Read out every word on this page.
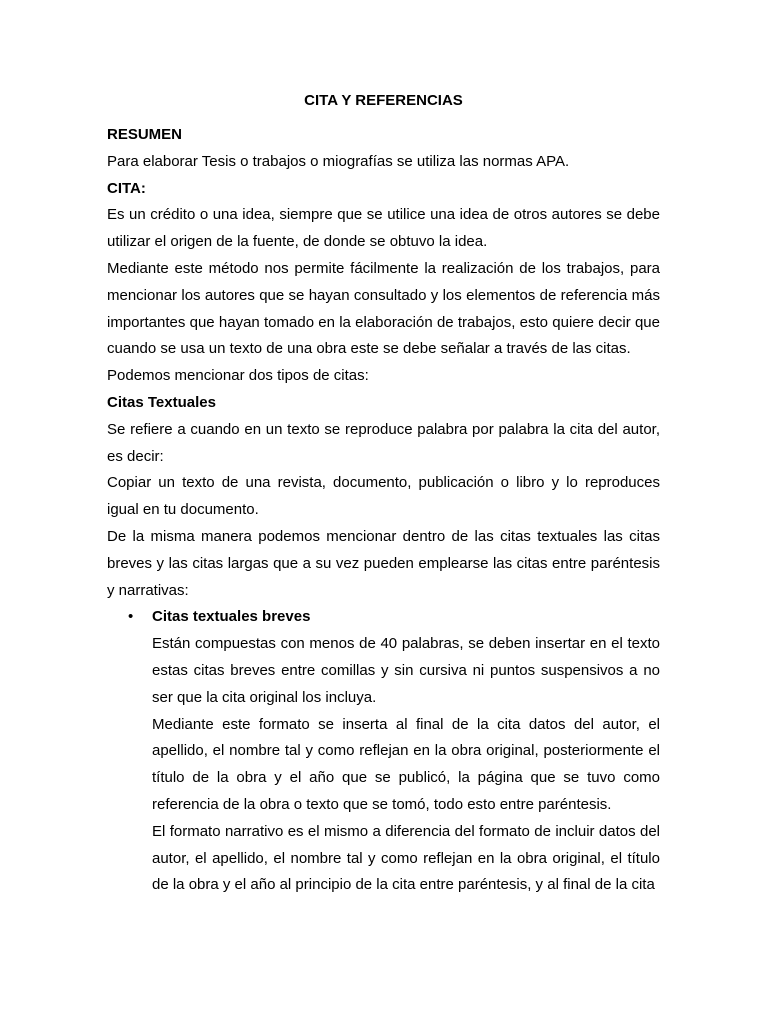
CITA Y REFERENCIAS

RESUMEN

Para elaborar Tesis o trabajos o miografías se utiliza las normas APA.

CITA:

Es un crédito o una idea, siempre que se utilice una idea de otros autores se debe utilizar el origen de la fuente, de donde se obtuvo la idea.

Mediante este método nos permite fácilmente la realización de los trabajos, para mencionar los autores que se hayan consultado y los elementos de referencia más importantes que hayan tomado en la elaboración de trabajos, esto quiere decir que cuando se usa un texto de una obra este se debe señalar a través de las citas.

Podemos mencionar dos tipos de citas:

Citas Textuales

Se refiere a cuando en un texto se reproduce palabra por palabra la cita del autor, es decir:

Copiar un texto de una revista, documento, publicación o libro y lo reproduces igual en tu documento.

De la misma manera podemos mencionar dentro de las citas textuales las citas breves y las citas largas que a su vez pueden emplearse las citas entre paréntesis y narrativas:

• Citas textuales breves

Están compuestas con menos de 40 palabras, se deben insertar en el texto estas citas breves entre comillas y sin cursiva ni puntos suspensivos a no ser que la cita original los incluya.

Mediante este formato se inserta al final de la cita datos del autor, el apellido, el nombre tal y como reflejan en la obra original, posteriormente el título de la obra y el año que se publicó, la página que se tuvo como referencia de la obra o texto que se tomó, todo esto entre paréntesis.

El formato narrativo es el mismo a diferencia del formato de incluir datos del autor, el apellido, el nombre tal y como reflejan en la obra original, el título de la obra y el año al principio de la cita entre paréntesis, y al final de la cita
